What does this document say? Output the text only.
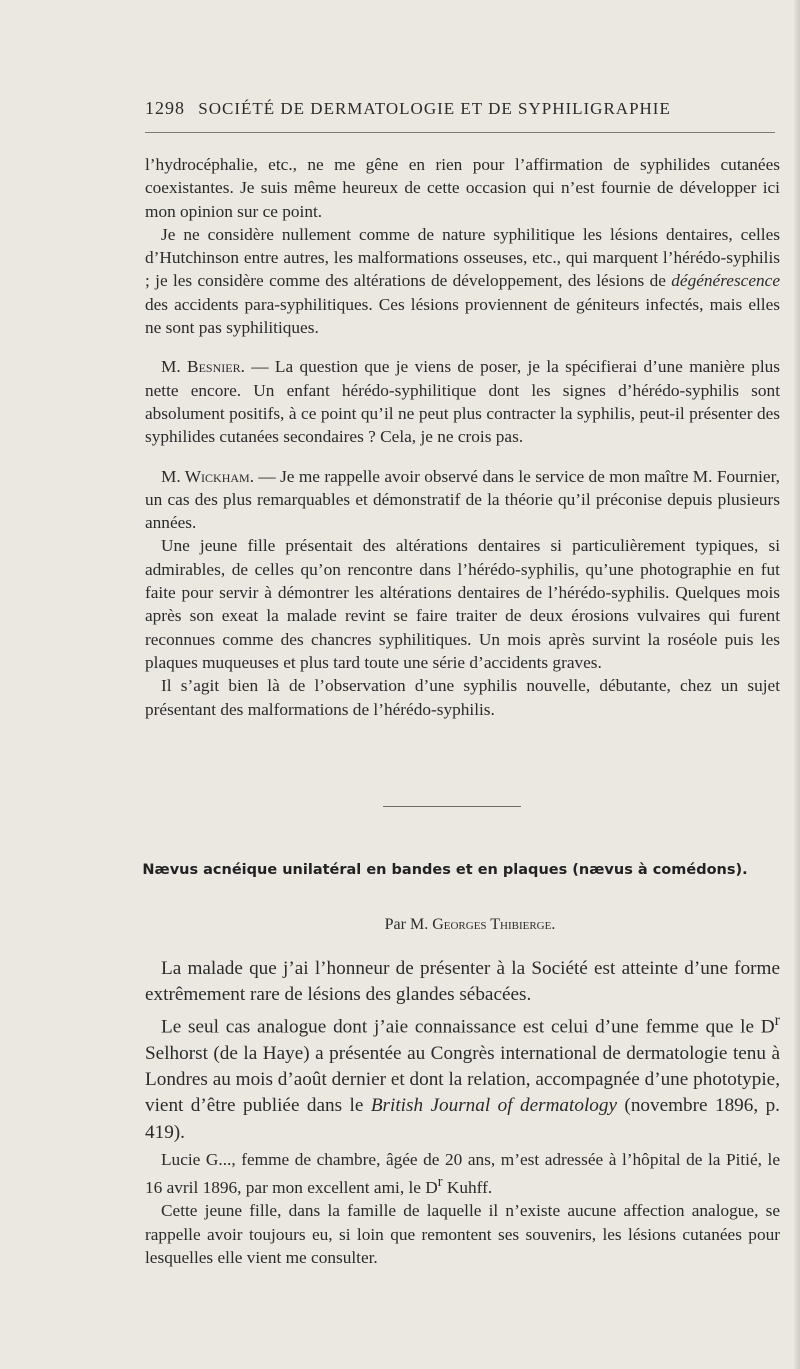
1298 SOCIÉTÉ DE DERMATOLOGIE ET DE SYPHILIGRAPHIE

l’hydrocéphalie, etc., ne me gêne en rien pour l’affirmation de syphilides cutanées coexistantes. Je suis même heureux de cette occasion qui n’est fournie de développer ici mon opinion sur ce point.

Je ne considère nullement comme de nature syphilitique les lésions dentaires, celles d’Hutchinson entre autres, les malformations osseuses, etc., qui marquent l’hérédo-syphilis ; je les considère comme des altérations de développement, des lésions de dégénérescence des accidents para-syphilitiques. Ces lésions proviennent de géniteurs infectés, mais elles ne sont pas syphilitiques.

M. Besnier. — La question que je viens de poser, je la spécifierai d’une manière plus nette encore. Un enfant hérédo-syphilitique dont les signes d’hérédo-syphilis sont absolument positifs, à ce point qu’il ne peut plus contracter la syphilis, peut-il présenter des syphilides cutanées secondaires ? Cela, je ne crois pas.

M. Wickham. — Je me rappelle avoir observé dans le service de mon maître M. Fournier, un cas des plus remarquables et démonstratif de la théorie qu’il préconise depuis plusieurs années.

Une jeune fille présentait des altérations dentaires si particulièrement typiques, si admirables, de celles qu’on rencontre dans l’hérédo-syphilis, qu’une photographie en fut faite pour servir à démontrer les altérations dentaires de l’hérédo-syphilis. Quelques mois après son exeat la malade revint se faire traiter de deux érosions vulvaires qui furent reconnues comme des chancres syphilitiques. Un mois après survint la roséole puis les plaques muqueuses et plus tard toute une série d’accidents graves.

Il s’agit bien là de l’observation d’une syphilis nouvelle, débutante, chez un sujet présentant des malformations de l’hérédo-syphilis.

Nævus acnéique unilatéral en bandes et en plaques (nævus à comédons).
Par M. Georges Thibierge.

La malade que j’ai l’honneur de présenter à la Société est atteinte d’une forme extrêmement rare de lésions des glandes sébacées.

Le seul cas analogue dont j’aie connaissance est celui d’une femme que le $D^r$ Selhorst (de la Haye) a présentée au Congrès international de dermatologie tenu à Londres au mois d’août dernier et dont la relation, accompagnée d’une phototypie, vient d’être publiée dans le British Journal of dermatology (novembre 1896, p. 419).

Lucie G..., femme de chambre, âgée de 20 ans, m’est adressée à l’hôpital de la Pitié, le 16 avril 1896, par mon excellent ami, le $D^r$ Kuhff.

Cette jeune fille, dans la famille de laquelle il n’existe aucune affection analogue, se rappelle avoir toujours eu, si loin que remontent ses souvenirs, les lésions cutanées pour lesquelles elle vient me consulter.
